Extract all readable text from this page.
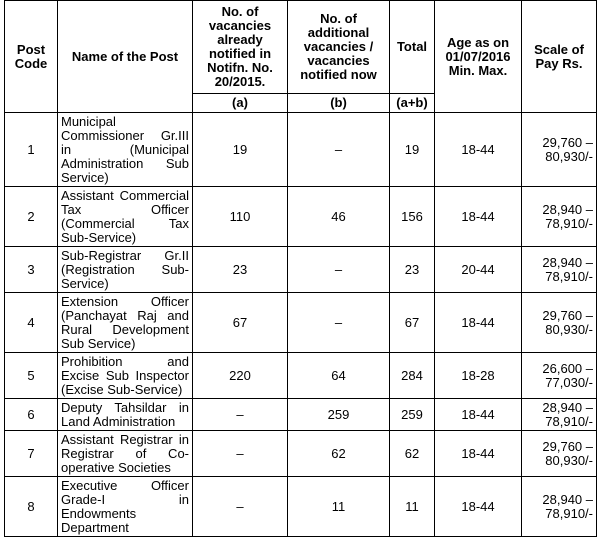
Post Code	Name of the Post	No. of vacancies already notified in Notifn. No. 20/2015.	No. of additional vacancies / vacancies notified now	Total	Age as on 01/07/2016 Min. Max.	Scale of Pay Rs.
		(a)	(b)	(a+b)		
1	Municipal Commissioner Gr.III in (Municipal Administration Sub Service)	19	–	19	18-44	29,760 –
80,930/-
2	Assistant Commercial Tax Officer (Commercial Tax Sub-Service)	110	46	156	18-44	28,940 –
78,910/-
3	Sub-Registrar Gr.II (Registration Sub-Service)	23	–	23	20-44	28,940 –
78,910/-
4	Extension Officer (Panchayat Raj and Rural Development Sub Service)	67	–	67	18-44	29,760 –
80,930/-
5	Prohibition and Excise Sub Inspector (Excise Sub-Service)	220	64	284	18-28	26,600 –
77,030/-
6	Deputy Tahsildar in Land Administration	–	259	259	18-44	28,940 –
78,910/-
7	Assistant Registrar in Registrar of Co-operative Societies	–	62	62	18-44	29,760 –
80,930/-
8	Executive Officer Grade-I in Endowments Department	–	11	11	18-44	28,940 –
78,910/-
